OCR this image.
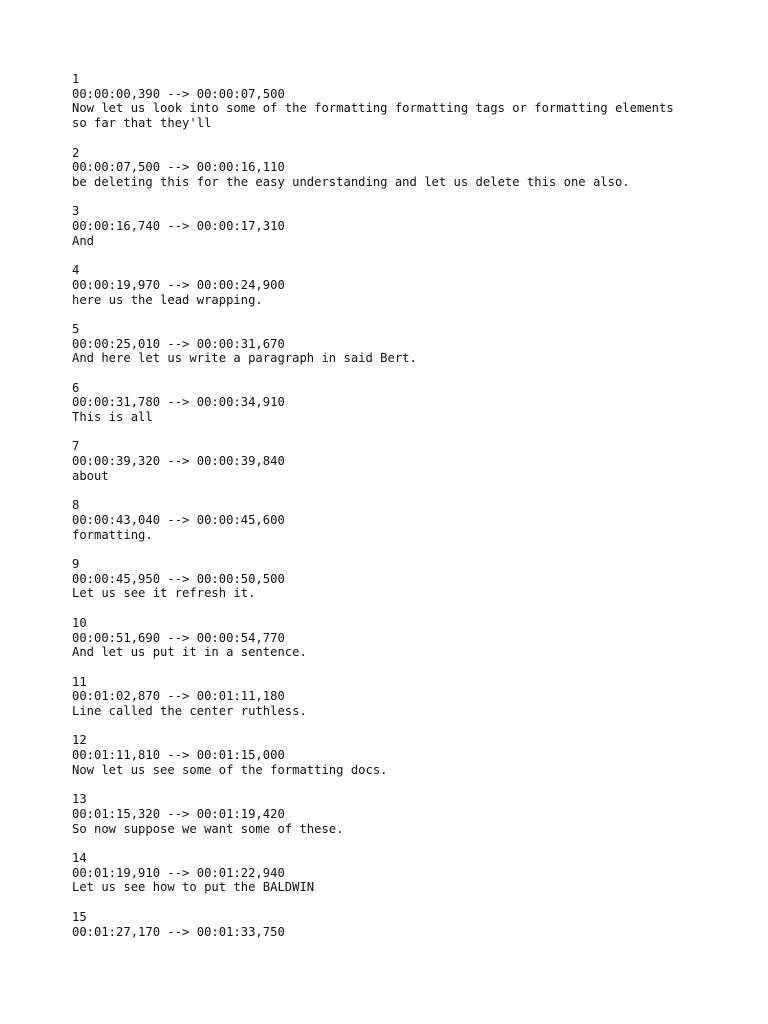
1
00:00:00,390 --> 00:00:07,500
Now let us look into some of the formatting formatting tags or formatting elements
so far that they'll
2
00:00:07,500 --> 00:00:16,110
be deleting this for the easy understanding and let us delete this one also.
3
00:00:16,740 --> 00:00:17,310
And
4
00:00:19,970 --> 00:00:24,900
here us the lead wrapping.
5
00:00:25,010 --> 00:00:31,670
And here let us write a paragraph in said Bert.
6
00:00:31,780 --> 00:00:34,910
This is all
7
00:00:39,320 --> 00:00:39,840
about
8
00:00:43,040 --> 00:00:45,600
formatting.
9
00:00:45,950 --> 00:00:50,500
Let us see it refresh it.
10
00:00:51,690 --> 00:00:54,770
And let us put it in a sentence.
11
00:01:02,870 --> 00:01:11,180
Line called the center ruthless.
12
00:01:11,810 --> 00:01:15,000
Now let us see some of the formatting docs.
13
00:01:15,320 --> 00:01:19,420
So now suppose we want some of these.
14
00:01:19,910 --> 00:01:22,940
Let us see how to put the BALDWIN
15
00:01:27,170 --> 00:01:33,750
